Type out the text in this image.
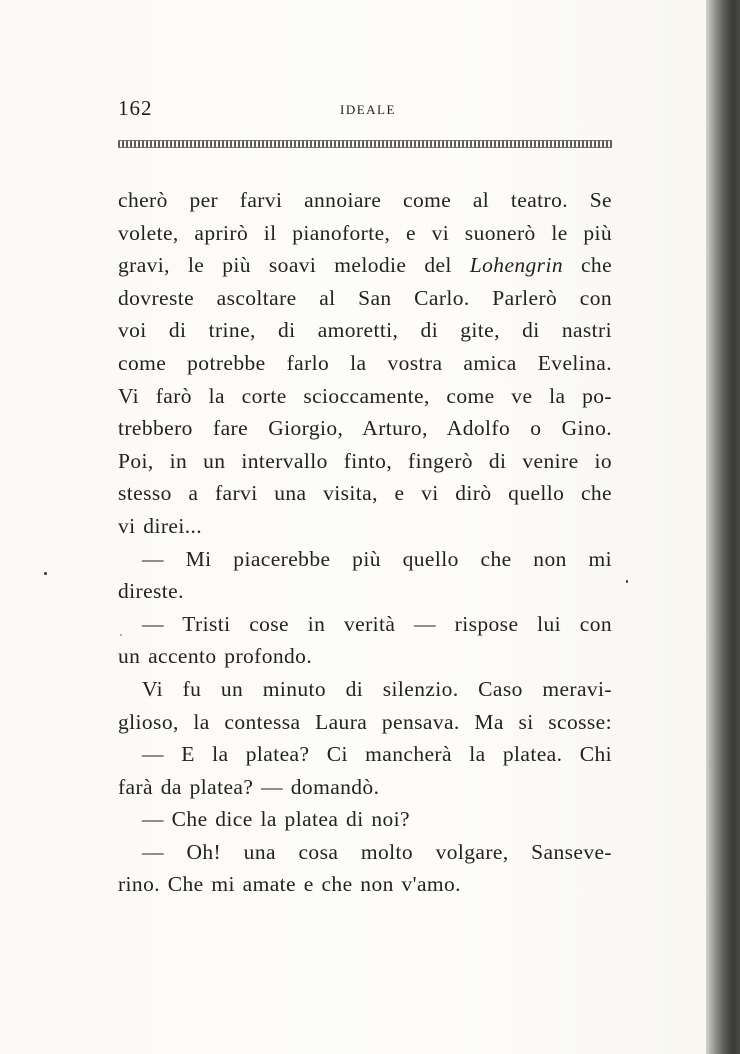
162	IDEALE
cherò per farvi annoiare come al teatro. Se
volete, aprirò il pianoforte, e vi suonerò le più
gravi, le più soavi melodie del Lohengrin che
dovreste ascoltare al San Carlo. Parlerò con
voi di trine, di amoretti, di gite, di nastri
come potrebbe farlo la vostra amica Evelina.
Vi farò la corte scioccamente, come ve la po-
trebbero fare Giorgio, Arturo, Adolfo o Gino.
Poi, in un intervallo finto, fingerò di venire io
stesso a farvi una visita, e vi dirò quello che
vi direi...
— Mi piacerebbe più quello che non mi
direste.
— Tristi cose in verità — rispose lui con
un accento profondo.
Vi fu un minuto di silenzio. Caso meravi-
glioso, la contessa Laura pensava. Ma si scosse:
— E la platea? Ci mancherà la platea. Chi
farà da platea? — domandò.
— Che dice la platea di noi?
— Oh! una cosa molto volgare, Sanseve-
rino. Che mi amate e che non v'amo.
